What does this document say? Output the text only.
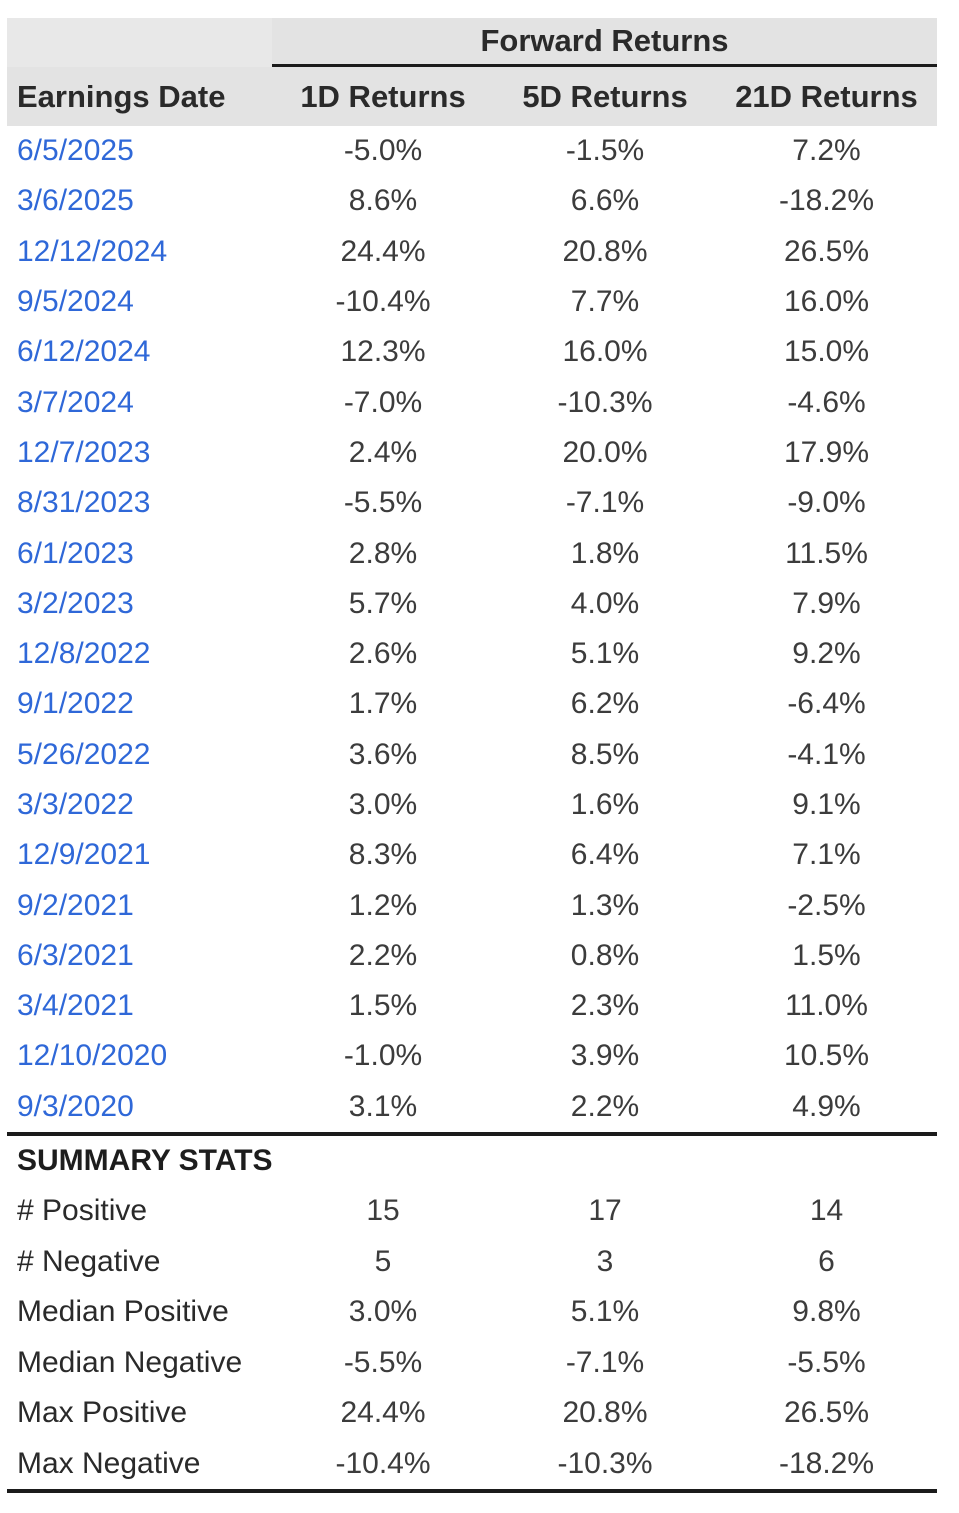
Forward Returns
Earnings Date	1D Returns	5D Returns	21D Returns
6/5/2025	-5.0%	-1.5%	7.2%
3/6/2025	8.6%	6.6%	-18.2%
12/12/2024	24.4%	20.8%	26.5%
9/5/2024	-10.4%	7.7%	16.0%
6/12/2024	12.3%	16.0%	15.0%
3/7/2024	-7.0%	-10.3%	-4.6%
12/7/2023	2.4%	20.0%	17.9%
8/31/2023	-5.5%	-7.1%	-9.0%
6/1/2023	2.8%	1.8%	11.5%
3/2/2023	5.7%	4.0%	7.9%
12/8/2022	2.6%	5.1%	9.2%
9/1/2022	1.7%	6.2%	-6.4%
5/26/2022	3.6%	8.5%	-4.1%
3/3/2022	3.0%	1.6%	9.1%
12/9/2021	8.3%	6.4%	7.1%
9/2/2021	1.2%	1.3%	-2.5%
6/3/2021	2.2%	0.8%	1.5%
3/4/2021	1.5%	2.3%	11.0%
12/10/2020	-1.0%	3.9%	10.5%
9/3/2020	3.1%	2.2%	4.9%
SUMMARY STATS
# Positive	15	17	14
# Negative	5	3	6
Median Positive	3.0%	5.1%	9.8%
Median Negative	-5.5%	-7.1%	-5.5%
Max Positive	24.4%	20.8%	26.5%
Max Negative	-10.4%	-10.3%	-18.2%
